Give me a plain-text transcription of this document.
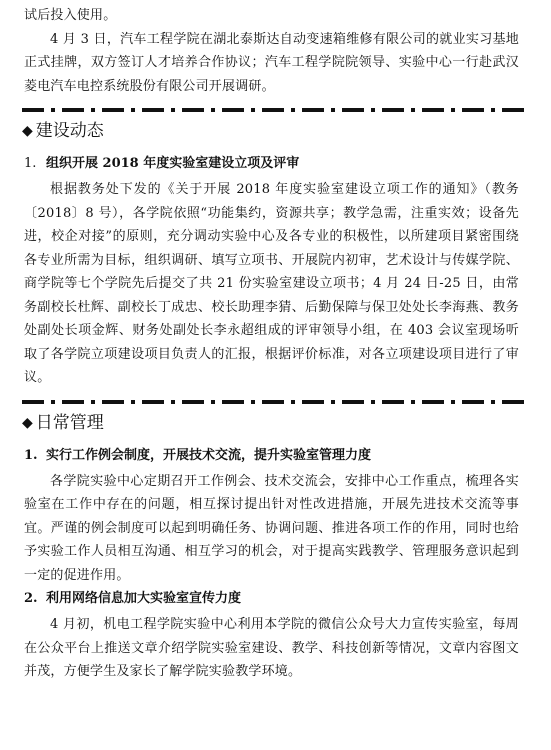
试后投入使用。

4 月 3 日，汽车工程学院在湖北泰斯达自动变速箱维修有限公司的就业实习基地正式挂牌，双方签订人才培养合作协议；汽车工程学院院领导、实验中心一行赴武汉菱电汽车电控系统股份有限公司开展调研。

◆ 建设动态
1. 组织开展 2018 年度实验室建设立项及评审

根据教务处下发的《关于开展 2018 年度实验室建设立项工作的通知》（教务〔2018〕8 号），各学院依照“功能集约，资源共享；教学急需，注重实效；设备先进，校企对接”的原则，充分调动实验中心及各专业的积极性，以所建项目紧密围绕各专业所需为目标，组织调研、填写立项书、开展院内初审，艺术设计与传媒学院、商学院等七个学院先后提交了共 21 份实验室建设立项书；4 月 24 日-25 日，由常务副校长杜辉、副校长丁成忠、校长助理李猜、后勤保障与保卫处处长李海燕、教务处副处长项金辉、财务处副处长李永超组成的评审领导小组，在 403 会议室现场听取了各学院立项建设项目负责人的汇报，根据评价标准，对各立项建设项目进行了审议。

◆ 日常管理
1. 实行工作例会制度，开展技术交流，提升实验室管理力度

各学院实验中心定期召开工作例会、技术交流会，安排中心工作重点，梳理各实验室在工作中存在的问题，相互探讨提出针对性改进措施，开展先进技术交流等事宜。严谨的例会制度可以起到明确任务、协调问题、推进各项工作的作用，同时也给予实验工作人员相互沟通、相互学习的机会，对于提高实践教学、管理服务意识起到一定的促进作用。

2. 利用网络信息加大实验室宣传力度

4 月初，机电工程学院实验中心利用本学院的微信公众号大力宣传实验室，每周在公众平台上推送文章介绍学院实验室建设、教学、科技创新等情况，文章内容图文并茂，方便学生及家长了解学院实验教学环境。
